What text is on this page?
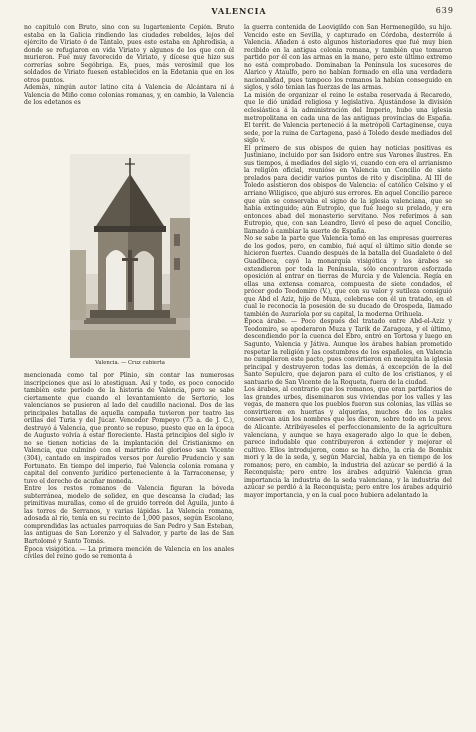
VALENCIA	639

no capituló con Bruto, sino con su lugarteniente Cepión. Bruto estaba en la Galicia rindiendo las ciudades rebeldes, lejos del ejército de Viriato ó de Tántalo, pues este estaba en Aphrodisia, a donde se refugiaron en vida Viriato y algunos de los que con él murieron. Fué muy favorecido de Viriato, y dícese que hizo sus correrías sobre Segóbriga. Es, pues, más verosímil que los soldados de Viriato fuesen establecidos en la Edetania que en los otros puntos.

Además, ningún autor latino cita á Valencia de Alcántara ni á Valencia de Miño como colonias romanas, y, en cambio, la Valencia de los edetanos es

Valencia. — Cruz cubierta

mencionada como tal por Plinio, sin contar las numerosas inscripciones que así lo atestiguan. Así y todo, es poco conocido también este período de la historia de Valencia, pero se sabe ciertamente que cuando el levantamiento de Sertorio, los valencianos se pusieron al lado del caudillo nacional. Dos de las principales batallas de aquella campaña tuvieron por teatro las orillas del Turia y del Júcar. Vencedor Pompeyo (75 a. de J. C.), destruyó á Valencia, que pronto se repuso, puesto que en la época de Augusto volvía á estar floreciente. Hasta principios del siglo iv no se tienen noticias de la implantación del Cristianismo en Valencia, que culminó con el martirio del glorioso san Vicente (304), cantado en inspirados versos por Aurelio Prudencio y san Fortunato. En tiempo del imperio, fué Valencia colonia romana y capital del convento jurídico perteneciente á la Tarraconense, y tuvo el derecho de acuñar moneda.

Entre los restos romanos de Valencia figuran la bóveda subterránea, modelo de solidez, en que descansa la ciudad; las primitivas murallas, como el de gruido torreón del Águila, junto á las torres de Serranos, y varias lápidas. La Valencia romana, adosada al río, tenía en su recinto de 1,000 pasos, según Escolano, comprendidas las actuales parroquias de San Pedro y San Esteban, las antiguas de San Lorenzo y el Salvador, y parte de las de San Bartolomé y Santo Tomás.

Época visigótica. — La primera mención de Valencia en los anales civiles del reino godo se remonta á

la guerra contenida de Leovigildo con San Hermenegildo, su hijo. Vencido este en Sevilla, y capturado en Córdoba, desterróle á Valencia. Añaden á esto algunos historiadores que fué muy bien recibido en la antigua colonia romana, y también que tomaron partido por él con las armas en la mano, pero este último extremo no está comprobado. Dominaban la Península los sucesores de Alarico y Ataulfo, pero no habían formado en ella una verdadera nacionalidad, pues tampoco los romanos la habían conseguido en siglos, y sólo tenían las fuerzas de las armas.

La misión de organizar el reino le estaba reservada á Recaredo, que le dió unidad religiosa y legislativa. Ajustándose la división eclesiástica á la administración del Imperio, hubo una iglesia metropolitana en cada una de las antiguas provincias de España. El territ. de Valencia perteneció á la metrópoli Cartaginense, cuya sede, por la ruina de Cartagena, pasó á Toledo desde mediados del siglo v.

El primero de sus obispos de quien hay noticias positivas es Justiniano, incluido por san Isidoro entre sus Varones ilustres. En sus tiempos, á mediados del siglo vi, cuando con era el arrianismo la religión oficial, reunióse en Valencia un Concilio de siete prelados para decidir varios puntos de rito y disciplina. Al III de Toledo asistieron dos obispos de Valencia: el católico Celsino y el arriano Wiligisco, que abjuró sus errores. En aquel Concilio parece que aún se conservaba el signo de la iglesia valenciana, que se había extinguido; aún Eutropio, que fué luego su prelado, y era entonces abad del monasterio servitano. Nos referimos á san Eutropio, que, con san Leandro, llevó el peso de aquel Concilio, llamado á cambiar la suerte de España.

No se sabe la parte que Valencia tomó en las empresas guerreras de los godos, pero, en cambio, fué aquí el último sitio donde se hicieron fuertes. Cuando después de la batalla del Guadalete ó del Guadibeca, cayó la monarquía visigótica y los árabes se extendieron por toda la Península, sólo encontraron esforzada oposición al entrar en tierras de Murcia y de Valencia. Regía en ellas una extensa comarca, compuesta de siete condados, el prócer godo Teodomiro (V.), que con su valor y sutileza consiguió que Abd el Aziz, hijo de Muza, celebrase con él un tratado, en el cual le reconocía la posesión de su ducado de Orospeda, llamado también de Auraríola por su capital, la moderna Orihuela.

Época árabe. — Poco después del tratado entre Abd-el-Aziz y Teodomiro, se apoderaron Muza y Tarik de Zaragoza, y el último, descendiendo por la cuenca del Ebro, entró en Tortosa y luego en Sagunto, Valencia y Játiva. Aunque los árabes habían prometido respetar la religión y las costumbres de los españoles, en Valencia no cumplieron este pacto, pues convirtieron en mezquita la iglesia principal y destruyeron todas las demás, á excepción de la del Santo Sepulcro, que dejaron para el culto de los cristianos, y el santuario de San Vicente de la Roqueta, fuera de la ciudad.

Los árabes, al contrario que los romanos, que eran partidarios de las grandes urbes, diseminaron sus viviendas por los valles y las vegas, de manera que los pueblos fueron sus colonias, las villas se convirtieron en huertas y alquerías, muchos de los cuales conservan aún los nombres que les dieron, sobre todo en la prov. de Alicante. Atribúyeseles el perfeccionamiento de la agricultura valenciana, y aunque se haya exagerado algo lo que le deben, parece indudable que contribuyeron á extender y mejorar el cultivo. Ellos introdujeron, como se ha dicho, la cría de Bombix mori y la de la seda, y, según Marcial, había ya en tiempo de los romanos; pero, en cambio, la industria del azúcar se perdió á la Reconquista; pero entre los árabes adquirió Valencia gran importancia la industria de la seda valenciana, y la industria del azúcar se perdió á la Reconquista; pero entre los árabes adquirió mayor importancia, y en la cual poco hubiera adelantado la
